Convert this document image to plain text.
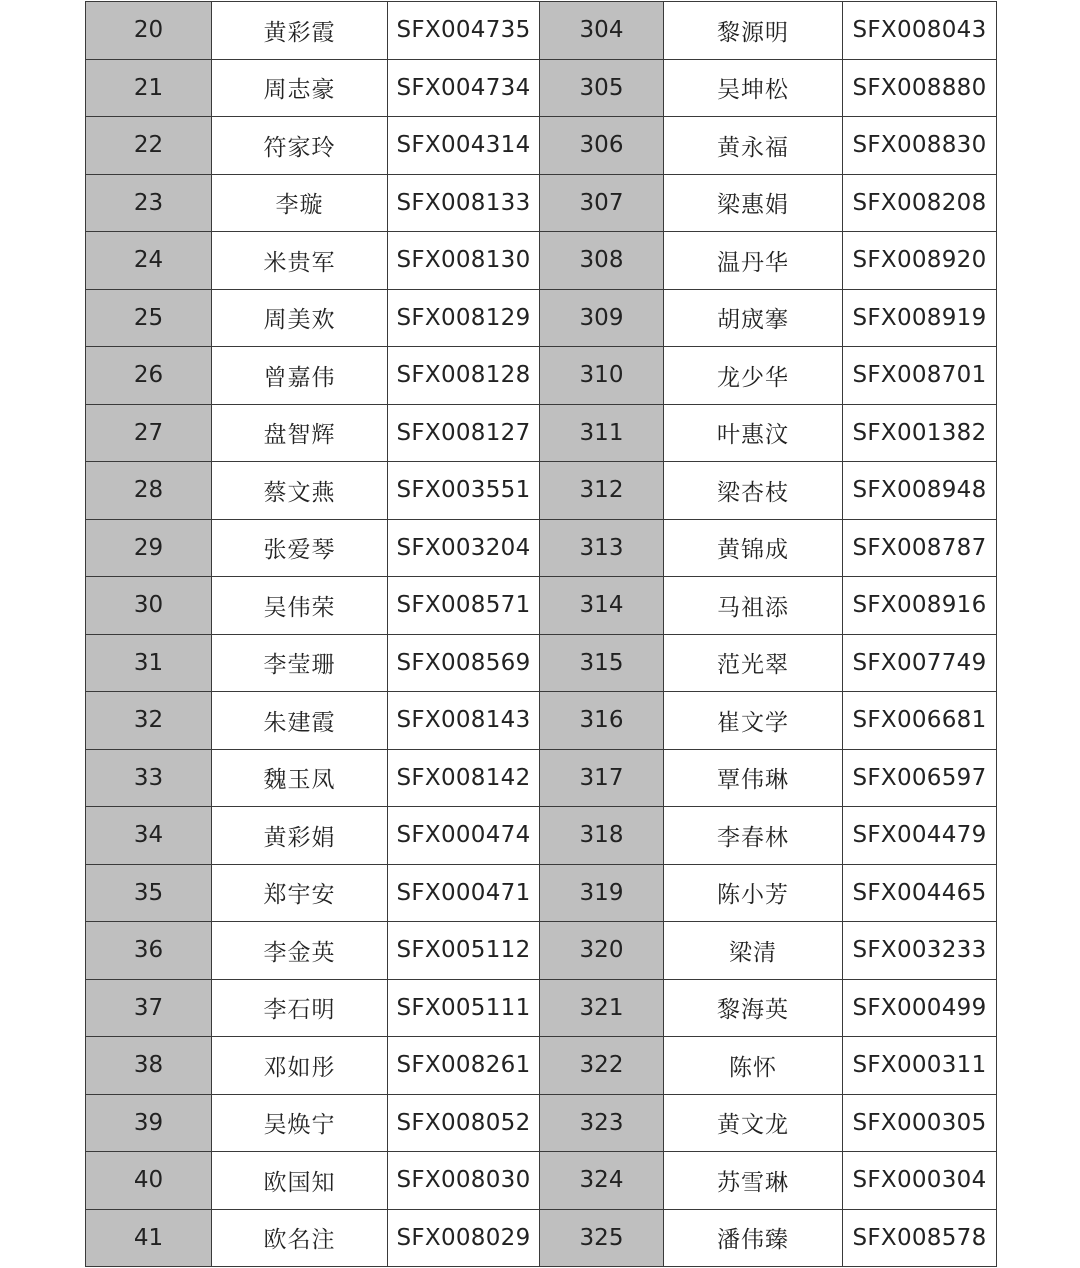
20	黄彩霞	SFX004735	304	黎源明	SFX008043
21	周志豪	SFX004734	305	吴坤松	SFX008880
22	符家玲	SFX004314	306	黄永福	SFX008830
23	李璇	SFX008133	307	梁惠娟	SFX008208
24	米贵军	SFX008130	308	温丹华	SFX008920
25	周美欢	SFX008129	309	胡宬搴	SFX008919
26	曾嘉伟	SFX008128	310	龙少华	SFX008701
27	盘智辉	SFX008127	311	叶惠汶	SFX001382
28	蔡文燕	SFX003551	312	梁杏枝	SFX008948
29	张爱琴	SFX003204	313	黄锦成	SFX008787
30	吴伟荣	SFX008571	314	马祖添	SFX008916
31	李莹珊	SFX008569	315	范光翠	SFX007749
32	朱建霞	SFX008143	316	崔文学	SFX006681
33	魏玉凤	SFX008142	317	覃伟琳	SFX006597
34	黄彩娟	SFX000474	318	李春林	SFX004479
35	郑宇安	SFX000471	319	陈小芳	SFX004465
36	李金英	SFX005112	320	梁清	SFX003233
37	李石明	SFX005111	321	黎海英	SFX000499
38	邓如彤	SFX008261	322	陈怀	SFX000311
39	吴焕宁	SFX008052	323	黄文龙	SFX000305
40	欧国知	SFX008030	324	苏雪琳	SFX000304
41	欧名注	SFX008029	325	潘伟臻	SFX008578
